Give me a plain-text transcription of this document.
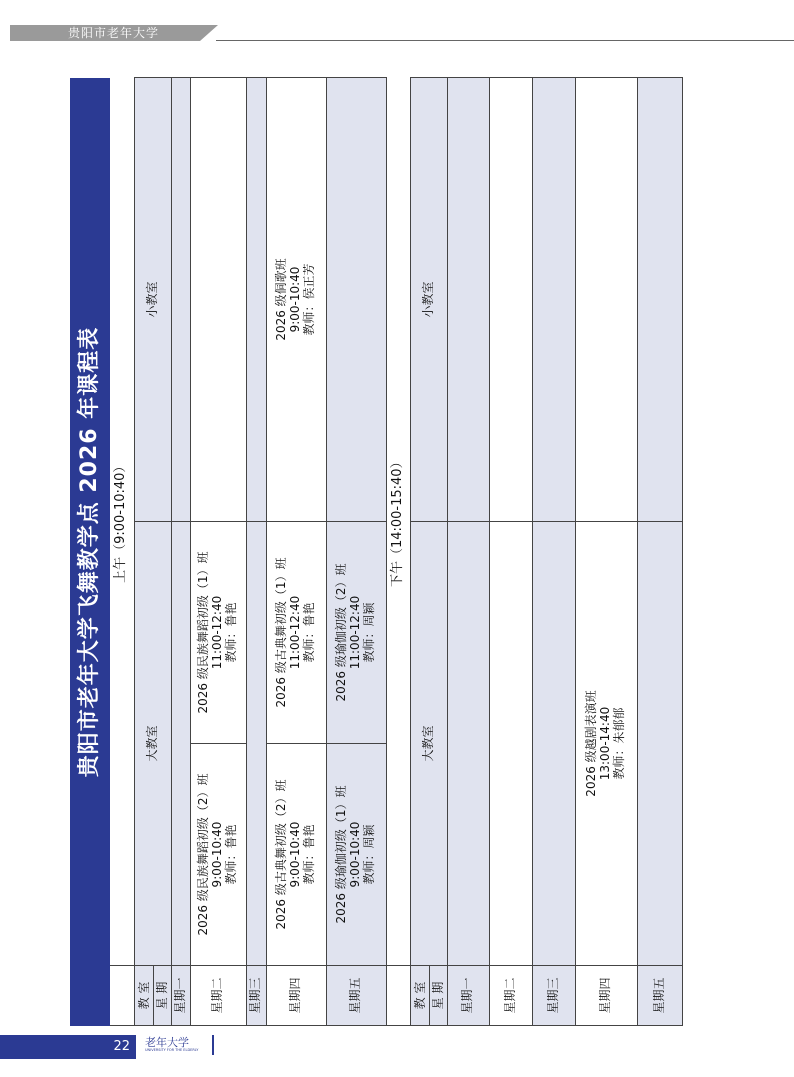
贵阳市老年大学
贵阳市老年大学飞舞教学点 2026 年课程表
	上午（9:00-10:40）		

教 室 星 期	大教室		小教室
星期一			
星期二	2026 级民族舞蹈初级（2）班 9:00-10:40 教师：鲁艳	2026 级民族舞蹈初级（1）班 11:00-12:40 教师：鲁艳	

星期三			
星期四	2026 级古典舞初级（2）班 9:00-10:40 教师：鲁艳	2026 级古典舞初级（1）班 11:00-12:40 教师：鲁艳	2026 级侗歌班 9:00-10:40 教师：侯正芳

星期五	2026 级瑜伽初级（1）班 9:00-10:40 教师：周颖	2026 级瑜伽初级（2）班 11:00-12:40 教师：周颖	

	下午（14:00-15:40）		

教 室 星 期	大教室		小教室
星期一			
星期二			
星期三			
星期四	2026 级越剧表演班 13:00-14:40 教师：朱郁郁		

星期五			
22	老年大学
UNIVERSITY FOR THE ELDERLY
